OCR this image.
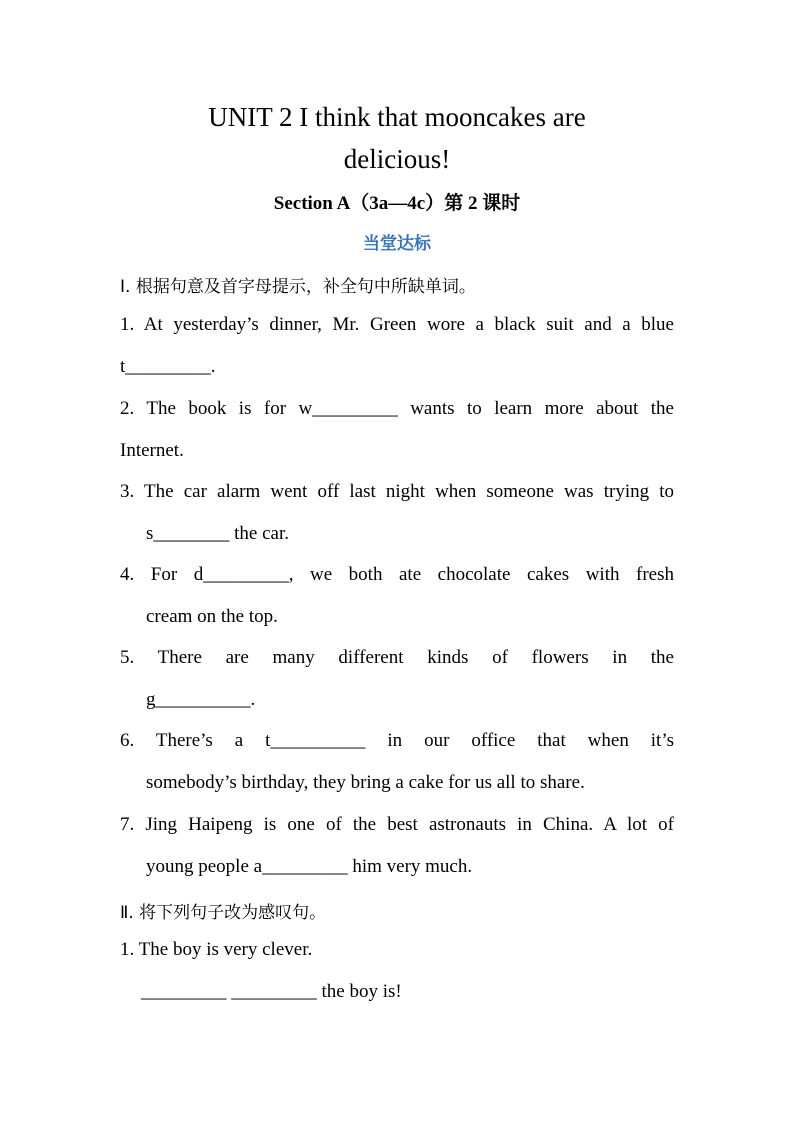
UNIT 2 I think that mooncakes are
delicious!
Section A（3a—4c）第 2 课时
当堂达标
Ⅰ. 根据句意及首字母提示，补全句中所缺单词。
1. At yesterday’s dinner, Mr. Green wore a black suit and a blue
t_________.
2. The book is for w_________ wants to learn more about the
Internet.
3. The car alarm went off last night when someone was trying to
s________ the car.
4. For d_________, we both ate chocolate cakes with fresh
cream on the top.
5. There are many different kinds of flowers in the
g__________.
6. There’s a t__________ in our office that when it’s
somebody’s birthday, they bring a cake for us all to share.
7. Jing Haipeng is one of the best astronauts in China. A lot of
young people a_________ him very much.
Ⅱ. 将下列句子改为感叹句。
1. The boy is very clever.
_________ _________ the boy is!
